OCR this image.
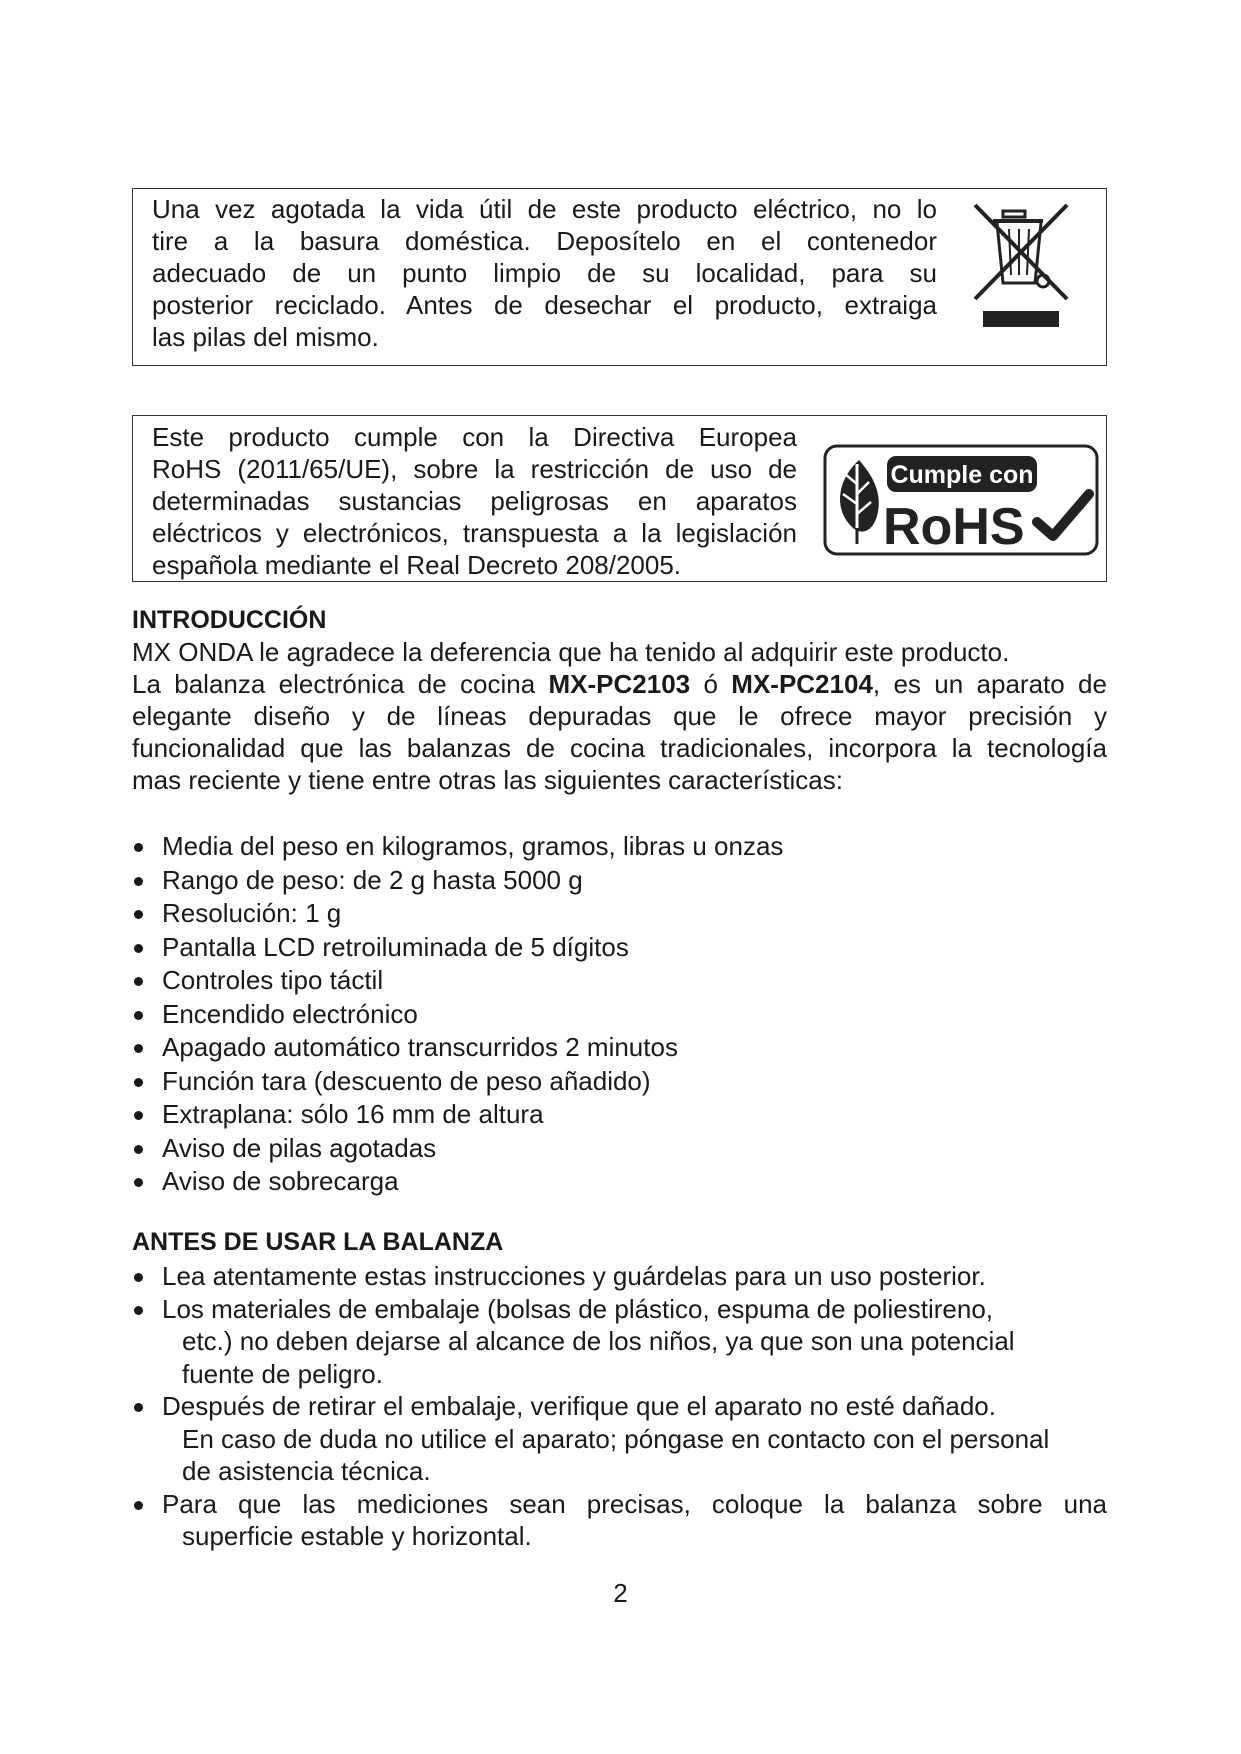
Una vez agotada la vida útil de este producto eléctrico, no lo
tire a la basura doméstica. Deposítelo en el contenedor
adecuado de un punto limpio de su localidad, para su
posterior reciclado. Antes de desechar el producto, extraiga
las pilas del mismo.
Este producto cumple con la Directiva Europea
RoHS (2011/65/UE), sobre la restricción de uso de
determinadas sustancias peligrosas en aparatos
eléctricos y electrónicos, transpuesta a la legislación
española mediante el Real Decreto 208/2005.
Cumple con
RoHS
INTRODUCCIÓN
MX ONDA le agradece la deferencia que ha tenido al adquirir este producto.
La balanza electrónica de cocina MX-PC2103 ó MX-PC2104, es un aparato de
elegante diseño y de líneas depuradas que le ofrece mayor precisión y
funcionalidad que las balanzas de cocina tradicionales, incorpora la tecnología
mas reciente y tiene entre otras las siguientes características:
Media del peso en kilogramos, gramos, libras u onzas
Rango de peso: de 2 g hasta 5000 g
Resolución: 1 g
Pantalla LCD retroiluminada de 5 dígitos
Controles tipo táctil
Encendido electrónico
Apagado automático transcurridos 2 minutos
Función tara (descuento de peso añadido)
Extraplana: sólo 16 mm de altura
Aviso de pilas agotadas
Aviso de sobrecarga
ANTES DE USAR LA BALANZA
Lea atentamente estas instrucciones y guárdelas para un uso posterior.
Los materiales de embalaje (bolsas de plástico, espuma de poliestireno,
etc.) no deben dejarse al alcance de los niños, ya que son una potencial
fuente de peligro.
Después de retirar el embalaje, verifique que el aparato no esté dañado.
En caso de duda no utilice el aparato; póngase en contacto con el personal
de asistencia técnica.
Para que las mediciones sean precisas, coloque la balanza sobre una
superficie estable y horizontal.
2
